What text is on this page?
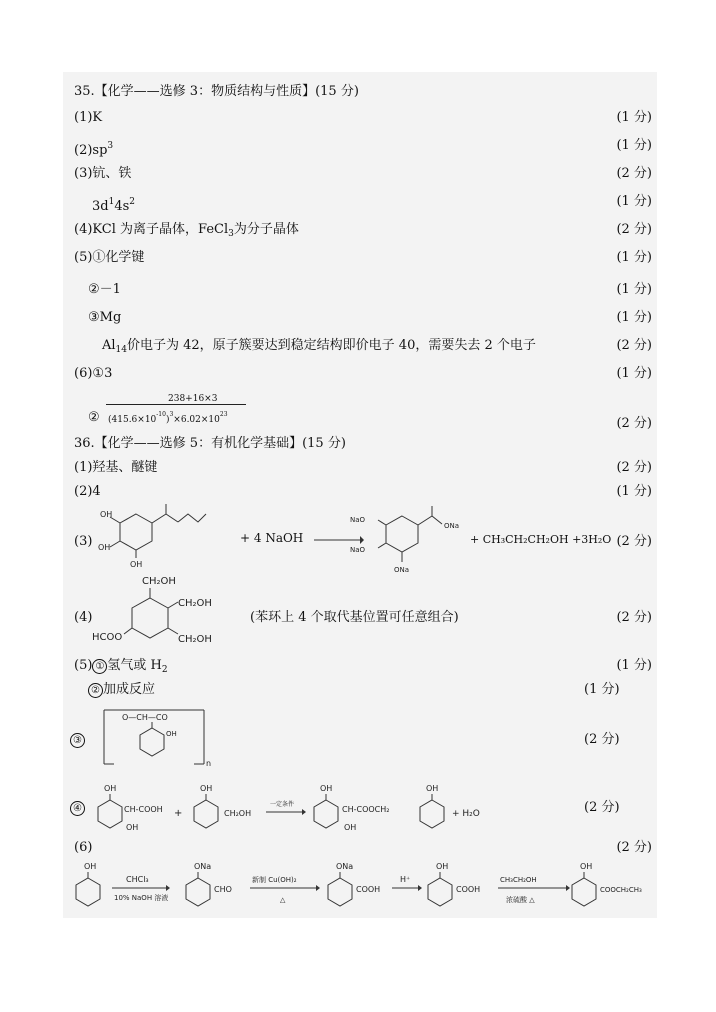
35.【化学——选修 3：物质结构与性质】(15 分)
(1)K	(1 分)
$(2)sp^3$	(1 分)
(3)钪、铁	(2 分)
$3d^14s^2$	(1 分)
(4)KCl 为离子晶体，FeCl$_3$为分子晶体	(2 分)
(5)①化学键	(1 分)
②－1	(1 分)
③Mg	(1 分)
$Al_{14}$价电子为 42，原子簇要达到稳定结构即价电子 40，需要失去 2 个电子	(2 分)
(6)①3	(1 分)
②
238+16×3
$(415.6\times 10^{-10})^3\times 6.02\times 10^{23}$
(2 分)
36.【化学——选修 5：有机化学基础】(15 分)
(1)羟基、醚键	(2 分)
(2)4	(1 分)
(3)
OH
OH
OH
+ 4 NaOH →
ONa
NaO
NaO
ONa
+ CH₃CH₂CH₂OH +3H₂O (2 分)
(4)
CH₂OH
CH₂OH
CH₂OH
HCOO
(苯环上 4 个取代基位置可任意组合)	(2 分)
(5) ① 氢气或 $H_2$	(1 分)
② 加成反应	(1 分)
③
O—CH—CO
OH
n
(2 分)
④
OH
CH-COOH
OH
+
OH
CH₂OH
一定条件
OH
CH-COOCH₂
OH
OH
+ H₂O	(2 分)
(6)	(2 分)
OH
CHCl₃
10% NaOH 溶液
ONa
CHO
新制 Cu(OH)₂
△
ONa
COOH
H⁺
OH
COOH
CH₃CH₂OH
浓硫酸 △
OH
COOCH₂CH₃
